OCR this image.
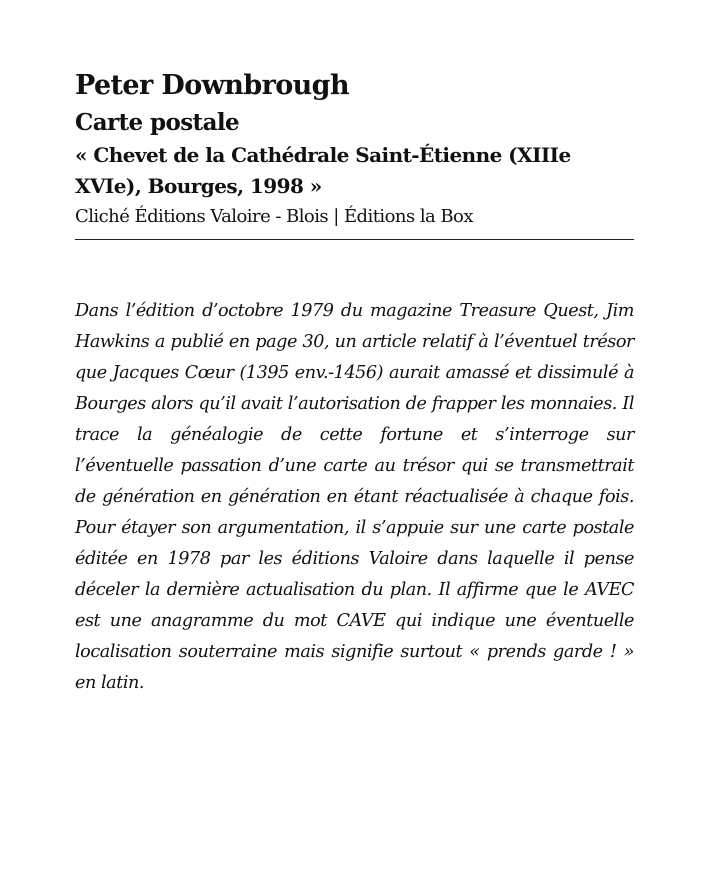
Peter Downbrough
Carte postale
« Chevet de la Cathédrale Saint-Étienne (XIIIe XVIe), Bourges, 1998 »

Cliché Éditions Valoire - Blois | Éditions la Box

Dans l’édition d’octobre 1979 du magazine Treasure Quest, Jim Hawkins a publié en page 30, un article relatif à l’éventuel trésor que Jacques Cœur (1395 env.-1456) aurait amassé et dissimulé à Bourges alors qu’il avait l’autorisation de frapper les monnaies. Il trace la généalogie de cette fortune et s’interroge sur l’éventuelle passation d’une carte au trésor qui se transmettrait de génération en génération en étant réactualisée à chaque fois. Pour étayer son argumentation, il s’appuie sur une carte postale éditée en 1978 par les éditions Valoire dans laquelle il pense déceler la dernière actualisation du plan. Il affirme que le AVEC est une anagramme du mot CAVE qui indique une éventuelle localisation souterraine mais signifie surtout « prends garde ! » en latin.
